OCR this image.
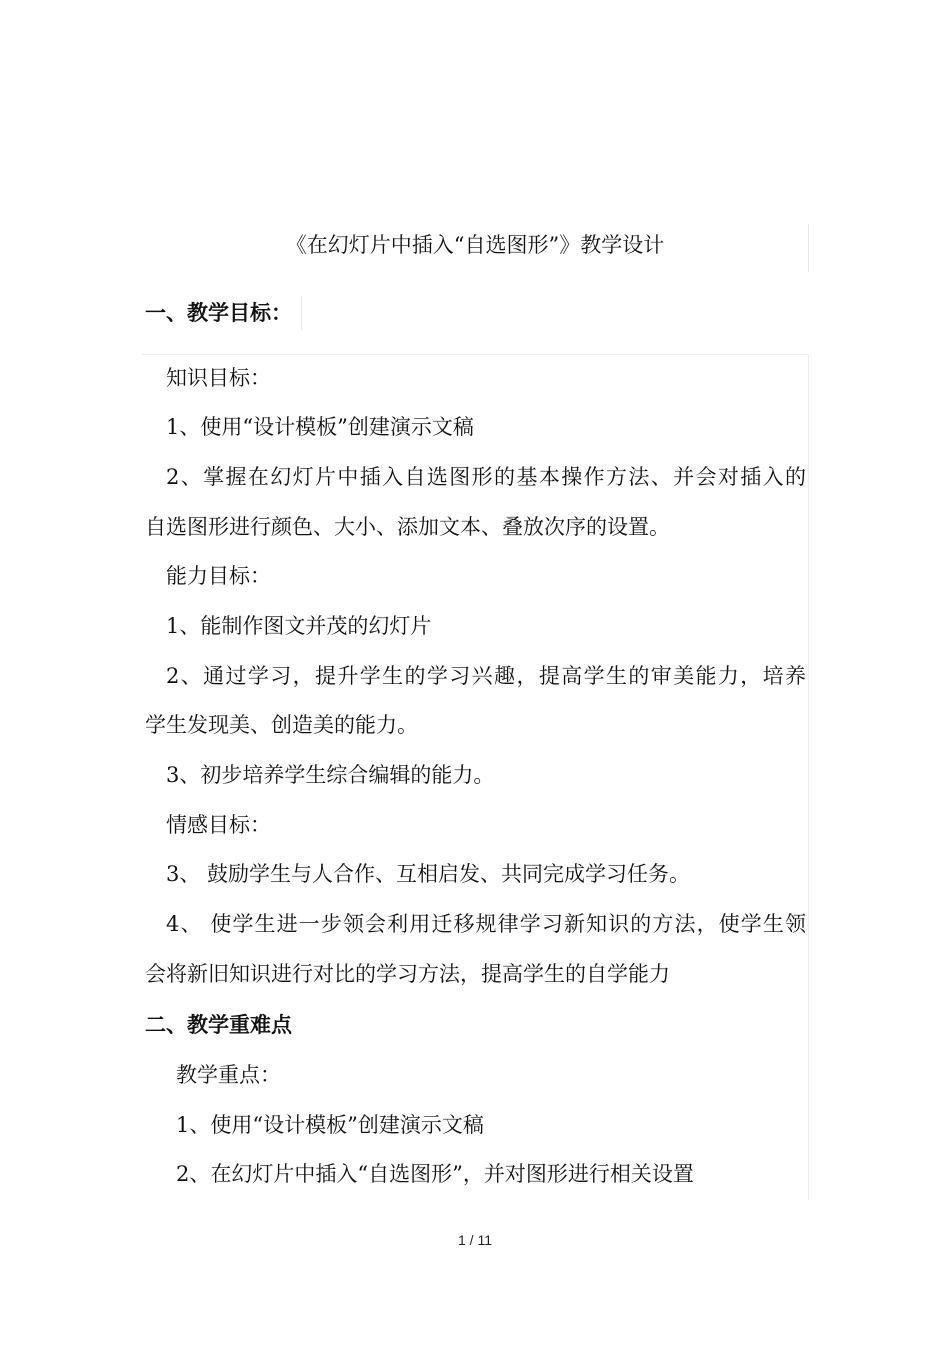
《在幻灯片中插入“自选图形”》教学设计
一、教学目标：
知识目标：
1、使用“设计模板”创建演示文稿
2、掌握在幻灯片中插入自选图形的基本操作方法、并会对插入的
自选图形进行颜色、大小、添加文本、叠放次序的设置。
能力目标：
1、能制作图文并茂的幻灯片
2、通过学习，提升学生的学习兴趣，提高学生的审美能力，培养
学生发现美、创造美的能力。
3、初步培养学生综合编辑的能力。
情感目标：
3、 鼓励学生与人合作、互相启发、共同完成学习任务。
4、 使学生进一步领会利用迁移规律学习新知识的方法，使学生领
会将新旧知识进行对比的学习方法，提高学生的自学能力
二、教学重难点
教学重点：
1、使用“设计模板”创建演示文稿
2、在幻灯片中插入“自选图形”，并对图形进行相关设置
1 / 11
